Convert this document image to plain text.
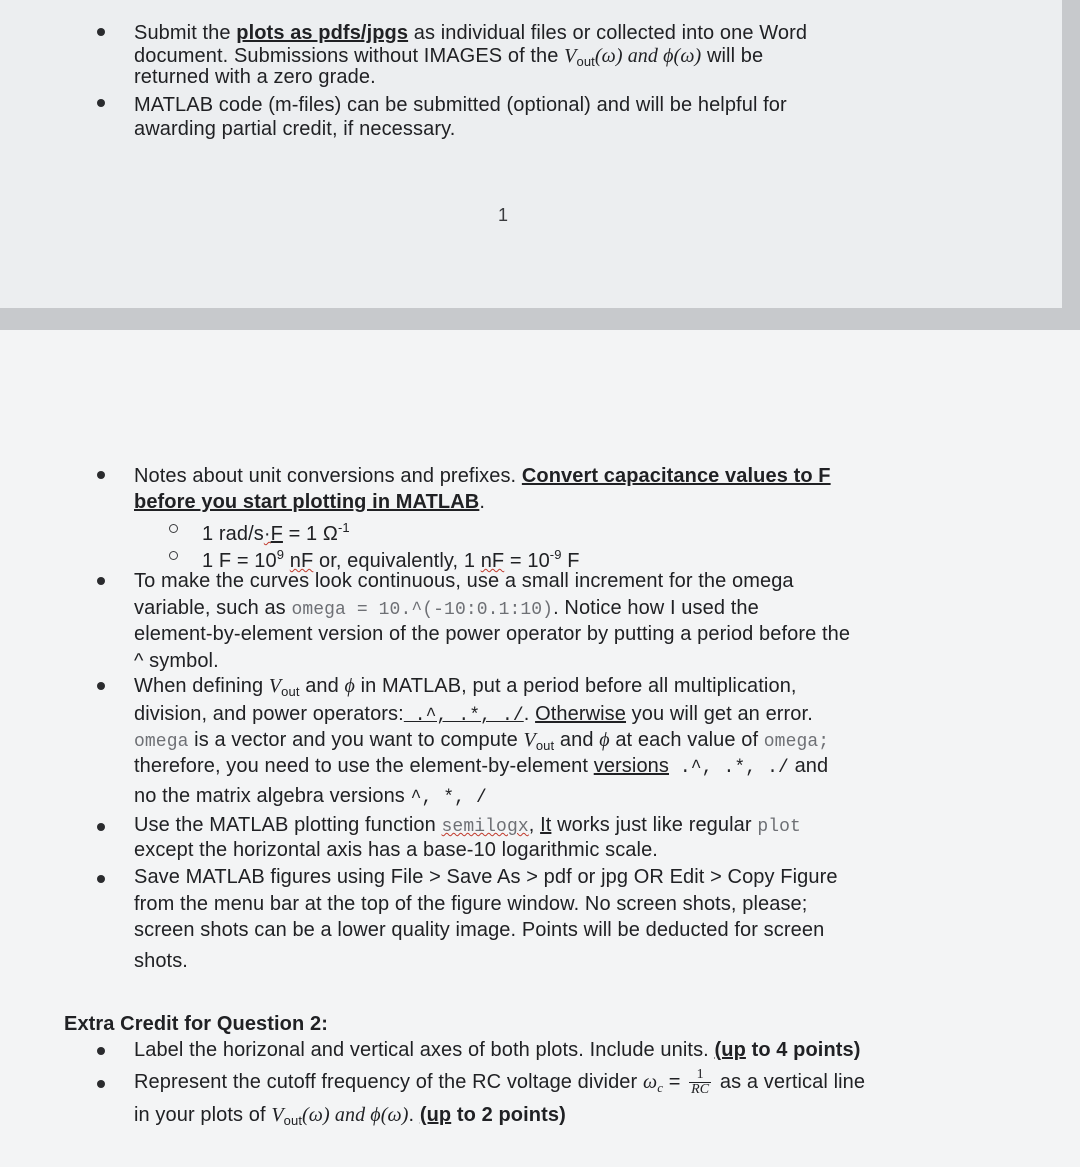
Submit the plots as pdfs/jpgs as individual files or collected into one Word
document. Submissions without IMAGES of the $V_{out}(\omega)$ and ϕ(ω) will be
returned with a zero grade.
MATLAB code (m-files) can be submitted (optional) and will be helpful for
awarding partial credit, if necessary.
1
Notes about unit conversions and prefixes. Convert capacitance values to F
before you start plotting in MATLAB.
1 rad/s·F = 1 $\Omega^{-1}$
1 $F = 10^9$ nF or, equivalently, 1 nF = $10^{-9}$ F
To make the curves look continuous, use a small increment for the omega
variable, such as omega = 10.^(-10:0.1:10). Notice how I used the
element-by-element version of the power operator by putting a period before the
^ symbol.
When defining $V_{out}$ and ϕ in MATLAB, put a period before all multiplication,
division, and power operators: .^, .*, ./. Otherwise you will get an error.
omega is a vector and you want to compute $V_{out}$ and ϕ at each value of omega;
therefore, you need to use the element-by-element versions .^, .*, ./ and
no the matrix algebra versions ^, *, /
Use the MATLAB plotting function semilogx, It works just like regular plot
except the horizontal axis has a base-10 logarithmic scale.
Save MATLAB figures using File > Save As > pdf or jpg OR Edit > Copy Figure
from the menu bar at the top of the figure window. No screen shots, please;
screen shots can be a lower quality image. Points will be deducted for screen
shots.
Extra Credit for Question 2:
Label the horizonal and vertical axes of both plots. Include units. (up to 4 points)
Represent the cutoff frequency of the RC voltage divider $\omega_c = \frac{1}{RC}$ as a vertical line
in your plots of $V_{out}(\omega)$ and ϕ(ω). (up to 2 points)
